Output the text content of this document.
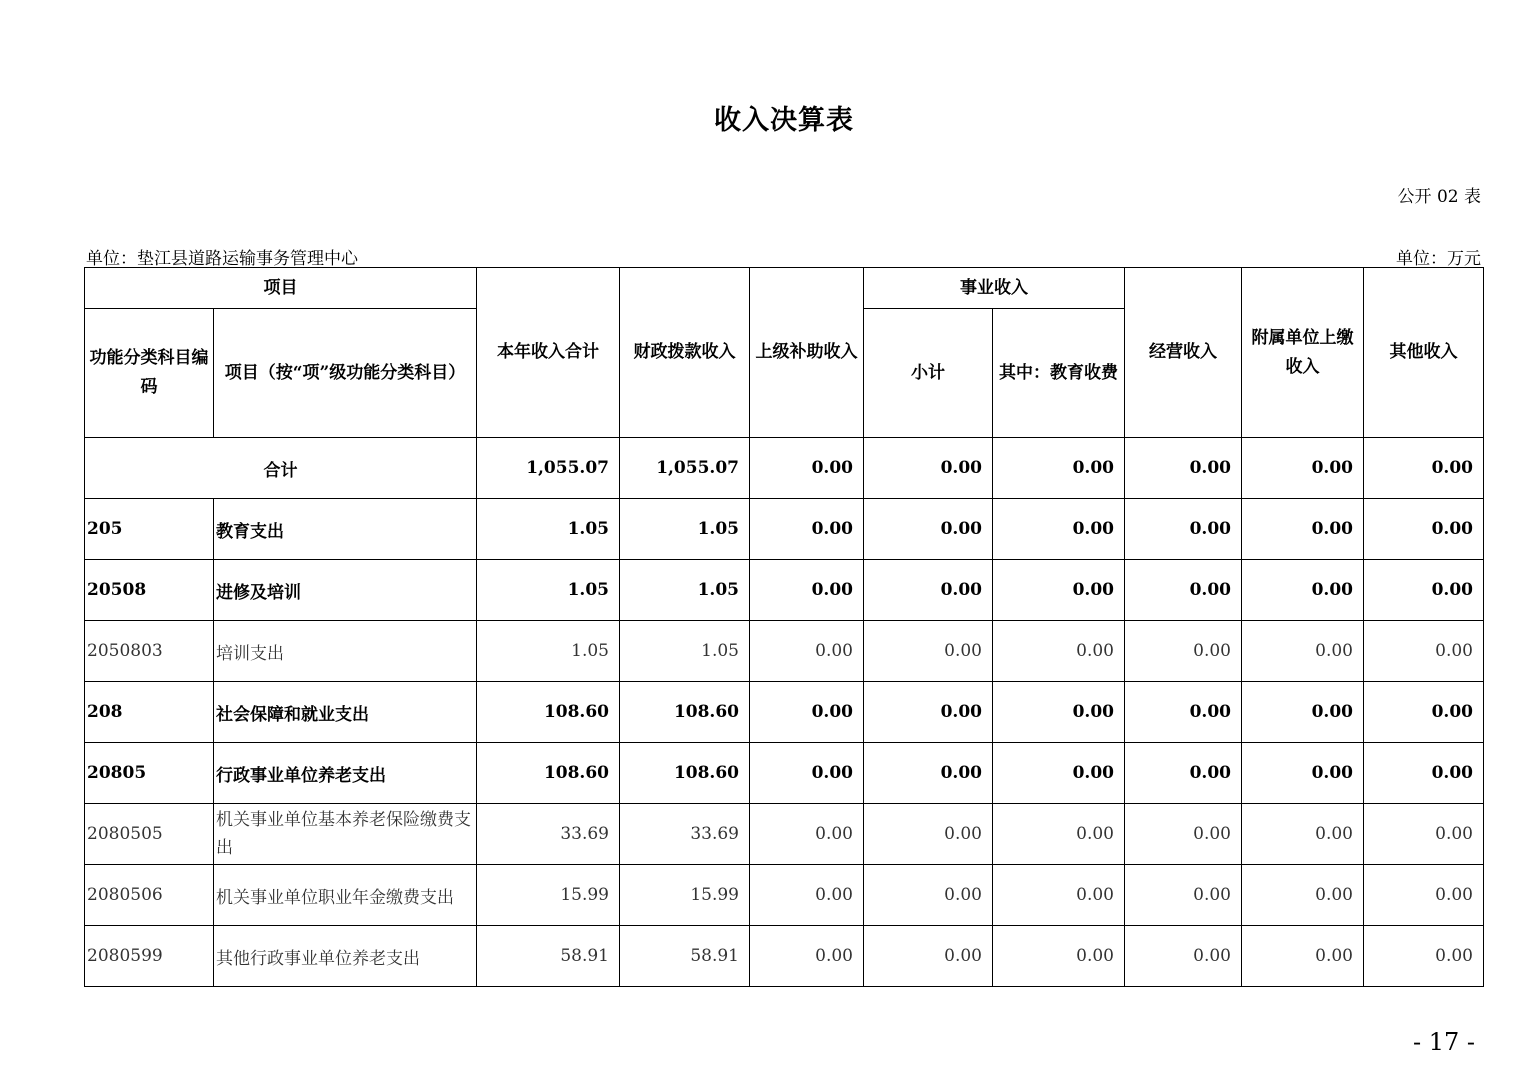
收入决算表
公开 02 表
单位：垫江县道路运输事务管理中心	单位：万元
项目		本年收入合计	财政拨款收入	上级补助收入	事业收入		经营收入	附属单位上缴收入	其他收入
功能分类科目编码	项目（按“项”级功能分类科目）				小计	其中：教育收费			
合计		1,055.07	1,055.07	0.00	0.00	0.00	0.00	0.00	0.00
205	教育支出	1.05	1.05	0.00	0.00	0.00	0.00	0.00	0.00
20508	进修及培训	1.05	1.05	0.00	0.00	0.00	0.00	0.00	0.00
2050803	培训支出	1.05	1.05	0.00	0.00	0.00	0.00	0.00	0.00
208	社会保障和就业支出	108.60	108.60	0.00	0.00	0.00	0.00	0.00	0.00
20805	行政事业单位养老支出	108.60	108.60	0.00	0.00	0.00	0.00	0.00	0.00
2080505	机关事业单位基本养老保险缴费支出	33.69	33.69	0.00	0.00	0.00	0.00	0.00	0.00
2080506	机关事业单位职业年金缴费支出	15.99	15.99	0.00	0.00	0.00	0.00	0.00	0.00
2080599	其他行政事业单位养老支出	58.91	58.91	0.00	0.00	0.00	0.00	0.00	0.00
- 17 -
